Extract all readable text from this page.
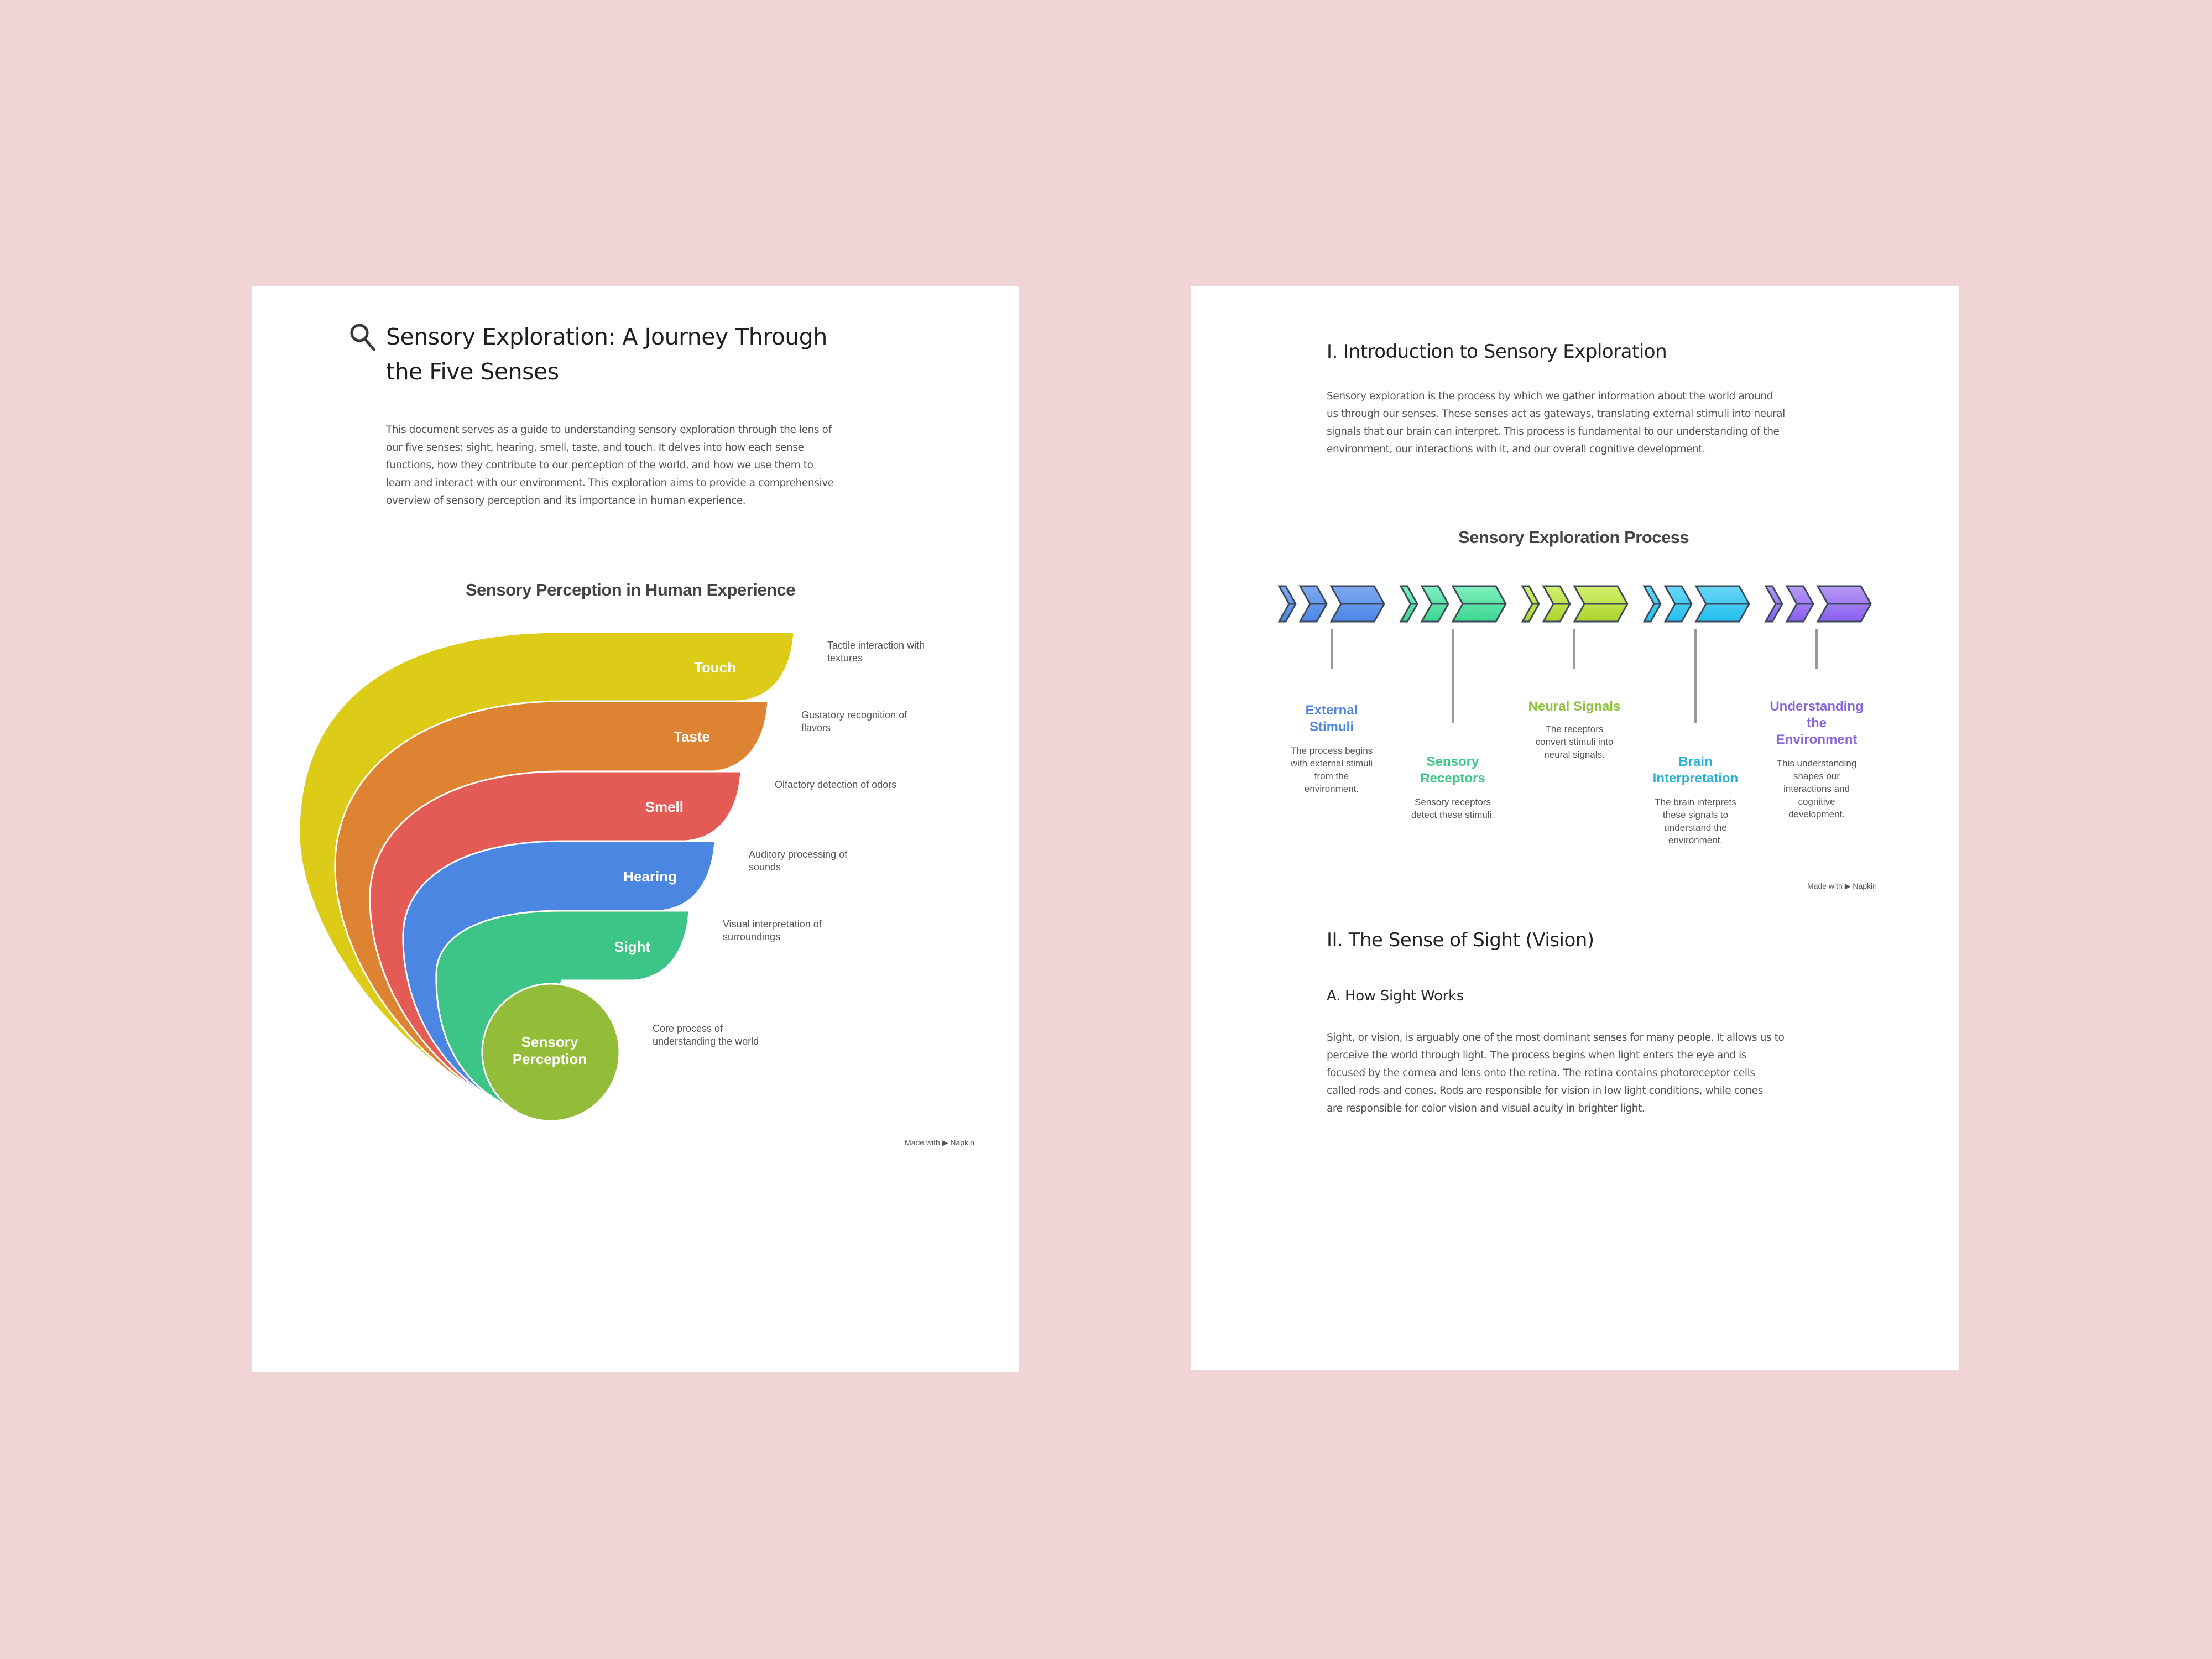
Sensory Exploration: A Journey Through
the Five Senses
This document serves as a guide to understanding sensory exploration through the lens of
our five senses: sight, hearing, smell, taste, and touch. It delves into how each sense
functions, how they contribute to our perception of the world, and how we use them to
learn and interact with our environment. This exploration aims to provide a comprehensive
overview of sensory perception and its importance in human experience.
Sensory Perception in Human Experience
Touch
Taste
Smell
Hearing
Sight
Sensory
Perception
Tactile interaction with
textures
Gustatory recognition of
flavors
Olfactory detection of odors
Auditory processing of
sounds
Visual interpretation of
surroundings
Core process of
understanding the world
Made with ▶ Napkin
I. Introduction to Sensory Exploration
Sensory exploration is the process by which we gather information about the world around
us through our senses. These senses act as gateways, translating external stimuli into neural
signals that our brain can interpret. This process is fundamental to our understanding of the
environment, our interactions with it, and our overall cognitive development.
Sensory Exploration Process
External
Stimuli
The process begins
with external stimuli
from the
environment.
Sensory
Receptors
Sensory receptors
detect these stimuli.
Neural Signals
The receptors
convert stimuli into
neural signals.	Brain
Interpretation
The brain interprets
these signals to
understand the
environment.
Understanding
the
Environment
This understanding
shapes our
interactions and
cognitive
development.
Made with ▶ Napkin
II. The Sense of Sight (Vision)
A. How Sight Works
Sight, or vision, is arguably one of the most dominant senses for many people. It allows us to
perceive the world through light. The process begins when light enters the eye and is
focused by the cornea and lens onto the retina. The retina contains photoreceptor cells
called rods and cones. Rods are responsible for vision in low light conditions, while cones
are responsible for color vision and visual acuity in brighter light.
